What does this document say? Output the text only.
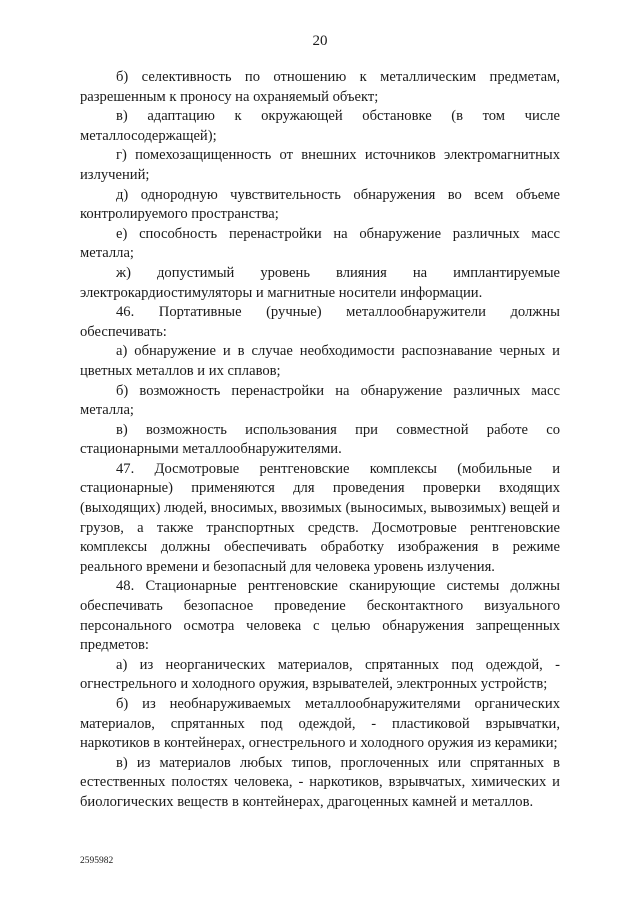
20

б) селективность по отношению к металлическим предметам, разрешенным к проносу на охраняемый объект;

в) адаптацию к окружающей обстановке (в том числе металлосодержащей);

г) помехозащищенность от внешних источников электромагнитных излучений;

д) однородную чувствительность обнаружения во всем объеме контролируемого пространства;

е) способность перенастройки на обнаружение различных масс металла;

ж) допустимый уровень влияния на имплантируемые электрокардиостимуляторы и магнитные носители информации.

46. Портативные (ручные) металлообнаружители должны обеспечивать:

а) обнаружение и в случае необходимости распознавание черных и цветных металлов и их сплавов;

б) возможность перенастройки на обнаружение различных масс металла;

в) возможность использования при совместной работе со стационарными металлообнаружителями.

47. Досмотровые рентгеновские комплексы (мобильные и стационарные) применяются для проведения проверки входящих (выходящих) людей, вносимых, ввозимых (выносимых, вывозимых) вещей и грузов, а также транспортных средств. Досмотровые рентгеновские комплексы должны обеспечивать обработку изображения в режиме реального времени и безопасный для человека уровень излучения.

48. Стационарные рентгеновские сканирующие системы должны обеспечивать безопасное проведение бесконтактного визуального персонального осмотра человека с целью обнаружения запрещенных предметов:

а) из неорганических материалов, спрятанных под одеждой, - огнестрельного и холодного оружия, взрывателей, электронных устройств;

б) из необнаруживаемых металлообнаружителями органических материалов, спрятанных под одеждой, - пластиковой взрывчатки, наркотиков в контейнерах, огнестрельного и холодного оружия из керамики;

в) из материалов любых типов, проглоченных или спрятанных в естественных полостях человека, - наркотиков, взрывчатых, химических и биологических веществ в контейнерах, драгоценных камней и металлов.

2595982
